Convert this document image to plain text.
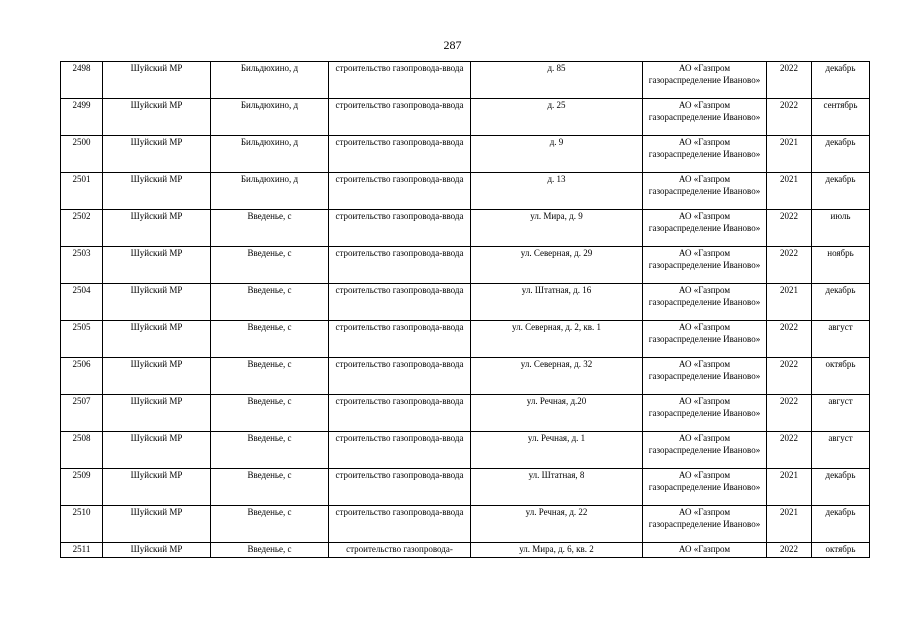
287
2498	Шуйский МР	Бильдюхино, д	строительство газопровода-ввода	д. 85	АО «Газпром газораспределение Иваново»	2022	декабрь
2499	Шуйский МР	Бильдюхино, д	строительство газопровода-ввода	д. 25	АО «Газпром газораспределение Иваново»	2022	сентябрь
2500	Шуйский МР	Бильдюхино, д	строительство газопровода-ввода	д. 9	АО «Газпром газораспределение Иваново»	2021	декабрь
2501	Шуйский МР	Бильдюхино, д	строительство газопровода-ввода	д. 13	АО «Газпром газораспределение Иваново»	2021	декабрь
2502	Шуйский МР	Введенье, с	строительство газопровода-ввода	ул. Мира, д. 9	АО «Газпром газораспределение Иваново»	2022	июль
2503	Шуйский МР	Введенье, с	строительство газопровода-ввода	ул. Северная, д. 29	АО «Газпром газораспределение Иваново»	2022	ноябрь
2504	Шуйский МР	Введенье, с	строительство газопровода-ввода	ул. Штатная, д. 16	АО «Газпром газораспределение Иваново»	2021	декабрь
2505	Шуйский МР	Введенье, с	строительство газопровода-ввода	ул. Северная, д. 2, кв. 1	АО «Газпром газораспределение Иваново»	2022	август
2506	Шуйский МР	Введенье, с	строительство газопровода-ввода	ул. Северная, д. 32	АО «Газпром газораспределение Иваново»	2022	октябрь
2507	Шуйский МР	Введенье, с	строительство газопровода-ввода	ул. Речная, д.20	АО «Газпром газораспределение Иваново»	2022	август
2508	Шуйский МР	Введенье, с	строительство газопровода-ввода	ул. Речная, д. 1	АО «Газпром газораспределение Иваново»	2022	август
2509	Шуйский МР	Введенье, с	строительство газопровода-ввода	ул. Штатная, 8	АО «Газпром газораспределение Иваново»	2021	декабрь
2510	Шуйский МР	Введенье, с	строительство газопровода-ввода	ул. Речная, д. 22	АО «Газпром газораспределение Иваново»	2021	декабрь
2511	Шуйский МР	Введенье, с	строительство газопровода-	ул. Мира, д. 6, кв. 2	АО «Газпром	2022	октябрь
